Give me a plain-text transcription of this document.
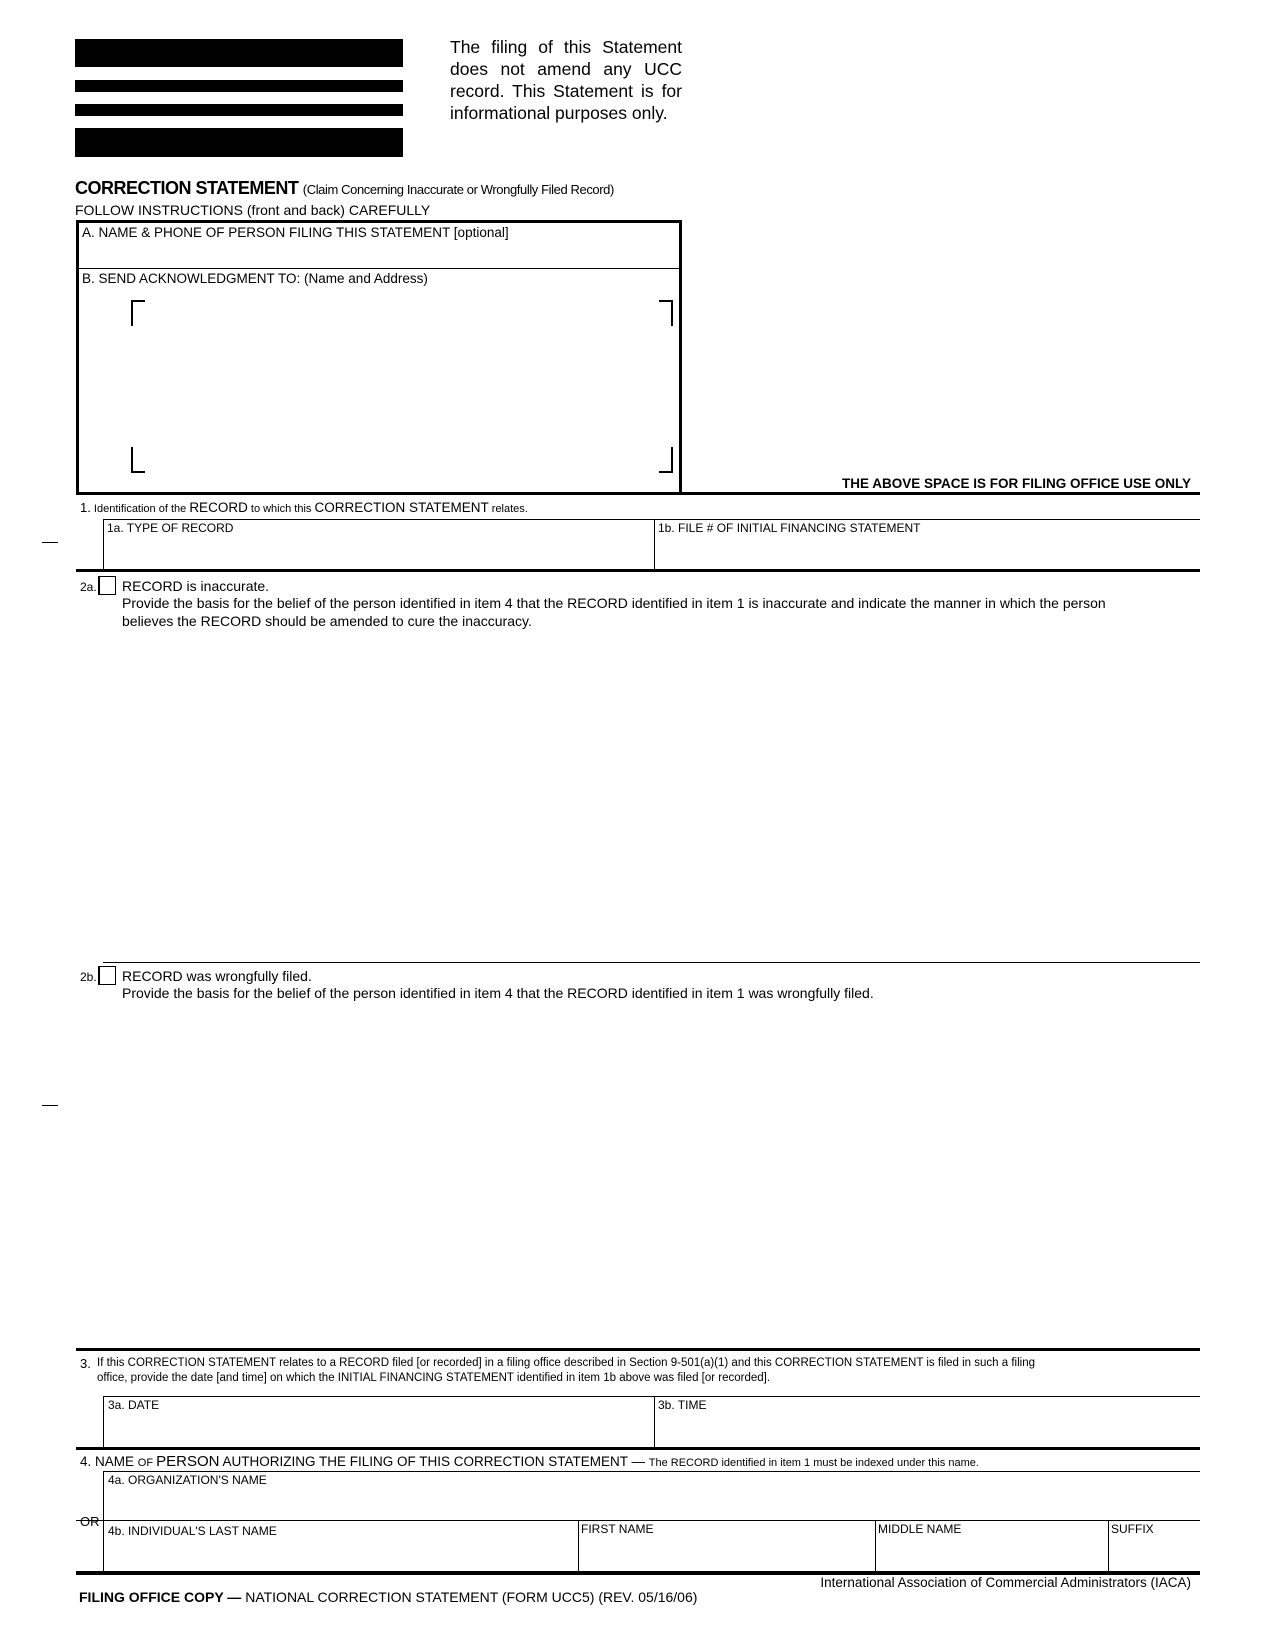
The filing of this Statement does not amend any UCC record. This Statement is for informational purposes only.
CORRECTION STATEMENT (Claim Concerning Inaccurate or Wrongfully Filed Record)
FOLLOW INSTRUCTIONS (front and back) CAREFULLY
A. NAME & PHONE OF PERSON FILING THIS STATEMENT [optional]
B. SEND ACKNOWLEDGMENT TO: (Name and Address)
THE ABOVE SPACE IS FOR FILING OFFICE USE ONLY
1. Identification of the RECORD to which this CORRECTION STATEMENT relates.
1a. TYPE OF RECORD	1b. FILE # OF INITIAL FINANCING STATEMENT
2a. RECORD is inaccurate.
Provide the basis for the belief of the person identified in item 4 that the RECORD identified in item 1 is inaccurate and indicate the manner in which the person
believes the RECORD should be amended to cure the inaccuracy.
2b. RECORD was wrongfully filed.
Provide the basis for the belief of the person identified in item 4 that the RECORD identified in item 1 was wrongfully filed.
3. If this CORRECTION STATEMENT relates to a RECORD filed [or recorded] in a filing office described in Section 9-501(a)(1) and this CORRECTION STATEMENT is filed in such a filing
office, provide the date [and time] on which the INITIAL FINANCING STATEMENT identified in item 1b above was filed [or recorded].
3a. DATE	3b. TIME
4. NAME OF PERSON AUTHORIZING THE FILING OF THIS CORRECTION STATEMENT — The RECORD identified in item 1 must be indexed under this name.
4a. ORGANIZATION'S NAME
OR
4b. INDIVIDUAL'S LAST NAME	FIRST NAME	MIDDLE NAME	SUFFIX
International Association of Commercial Administrators (IACA)
FILING OFFICE COPY — NATIONAL CORRECTION STATEMENT (FORM UCC5) (REV. 05/16/06)
